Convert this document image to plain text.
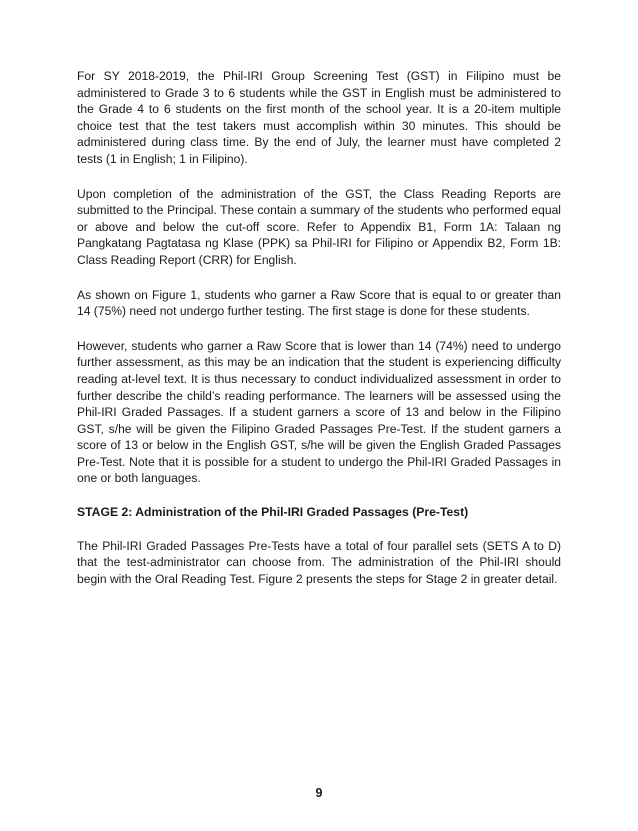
For SY 2018-2019, the Phil-IRI Group Screening Test (GST) in Filipino must be administered to Grade 3 to 6 students while the GST in English must be administered to the Grade 4 to 6 students on the first month of the school year. It is a 20-item multiple choice test that the test takers must accomplish within 30 minutes. This should be administered during class time. By the end of July, the learner must have completed 2 tests (1 in English; 1 in Filipino).

Upon completion of the administration of the GST, the Class Reading Reports are submitted to the Principal. These contain a summary of the students who performed equal or above and below the cut-off score. Refer to Appendix B1, Form 1A: Talaan ng Pangkatang Pagtatasa ng Klase (PPK) sa Phil-IRI for Filipino or Appendix B2, Form 1B: Class Reading Report (CRR) for English.

As shown on Figure 1, students who garner a Raw Score that is equal to or greater than 14 (75%) need not undergo further testing. The first stage is done for these students.

However, students who garner a Raw Score that is lower than 14 (74%) need to undergo further assessment, as this may be an indication that the student is experiencing difficulty reading at-level text. It is thus necessary to conduct individualized assessment in order to further describe the child’s reading performance. The learners will be assessed using the Phil-IRI Graded Passages. If a student garners a score of 13 and below in the Filipino GST, s/he will be given the Filipino Graded Passages Pre-Test. If the student garners a score of 13 or below in the English GST, s/he will be given the English Graded Passages Pre-Test. Note that it is possible for a student to undergo the Phil-IRI Graded Passages in one or both languages.

STAGE 2: Administration of the Phil-IRI Graded Passages (Pre-Test)

The Phil-IRI Graded Passages Pre-Tests have a total of four parallel sets (SETS A to D) that the test-administrator can choose from. The administration of the Phil-IRI should begin with the Oral Reading Test. Figure 2 presents the steps for Stage 2 in greater detail.

9
